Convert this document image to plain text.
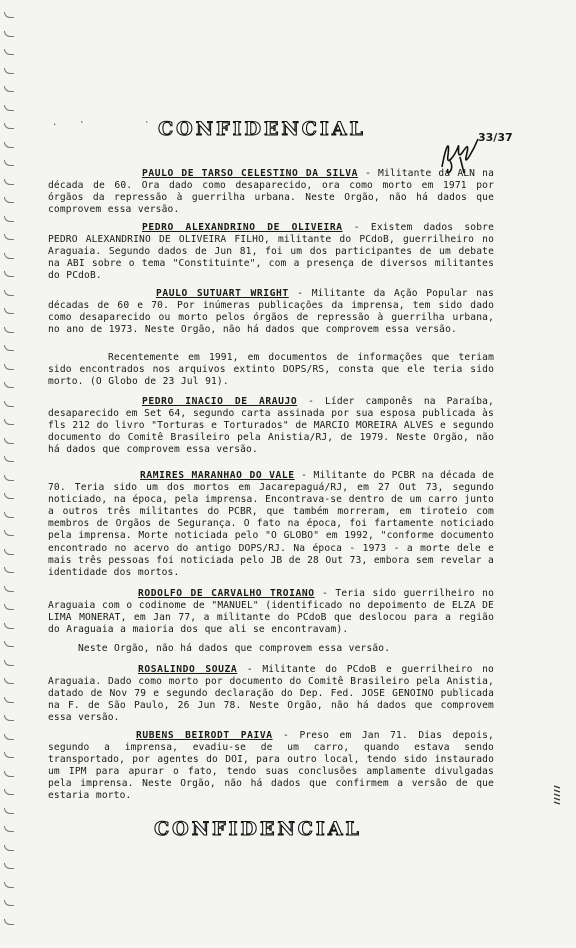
.    ·           · CONFIDENCIAL	33/37
PAULO DE TARSO CELESTINO DA SILVA - Militante da ALN na década de 60. Ora dado como desaparecido, ora como morto em 1971 por órgãos da repressão à guerrilha urbana. Neste Orgão, não há dados que comprovem essa versão.
PEDRO ALEXANDRINO DE OLIVEIRA - Existem dados sobre PEDRO ALEXANDRINO DE OLIVEIRA FILHO, militante do PCdoB, guerrilheiro no Araguaia. Segundo dados de Jun 81, foi um dos participantes de um debate na ABI sobre o tema "Constituinte", com a presença de diversos militantes do PCdoB.
PAULO SUTUART WRIGHT - Militante da Ação Popular nas décadas de 60 e 70. Por inúmeras publicações da imprensa, tem sido dado como desaparecido ou morto pelos órgãos de repressão à guerrilha urbana, no ano de 1973. Neste Orgão, não há dados que comprovem essa versão.
Recentemente em 1991, em documentos de informações que teriam sido encontrados nos arquivos extinto DOPS/RS, consta que ele teria sido morto. (O Globo de 23 Jul 91).
PEDRO INACIO DE ARAUJO - Líder camponês na Paraíba, desaparecido em Set 64, segundo carta assinada por sua esposa publicada às fls 212 do livro "Torturas e Torturados" de MARCIO MOREIRA ALVES e segundo documento do Comitê Brasileiro pela Anistia/RJ, de 1979. Neste Orgão, não há dados que comprovem essa versão.
RAMIRES MARANHAO DO VALE - Militante do PCBR na década de 70. Teria sido um dos mortos em Jacarepaguá/RJ, em 27 Out 73, segundo noticiado, na época, pela imprensa. Encontrava-se dentro de um carro junto a outros três militantes do PCBR, que também morreram, em tiroteio com membros de Orgãos de Segurança. O fato na época, foi fartamente noticiado pela imprensa. Morte noticiada pelo "O GLOBO" em 1992, "conforme documento encontrado no acervo do antigo DOPS/RJ. Na época - 1973 - a morte dele e mais três pessoas foi noticiada pelo JB de 28 Out 73, embora sem revelar a identidade dos mortos.
RODOLFO DE CARVALHO TROIANO - Teria sido guerrilheiro no Araguaia com o codinome de "MANUEL" (identificado no depoimento de ELZA DE LIMA MONERAT, em Jan 77, a militante do PCdoB que deslocou para a região do Araguaia a maioria dos que ali se encontravam).
Neste Orgão, não há dados que comprovem essa versão.
ROSALINDO SOUZA - Militante do PCdoB e guerrilheiro no Araguaia. Dado como morto por documento do Comitê Brasileiro pela Anistia, datado de Nov 79 e segundo declaração do Dep. Fed. JOSE GENOINO publicada na F. de São Paulo, 26 Jun 78. Neste Orgão, não há dados que comprovem essa versão.
RUBENS BEIRODT PAIVA - Preso em Jan 71. Dias depois, segundo a imprensa, evadiu-se de um carro, quando estava sendo transportado, por agentes do DOI, para outro local, tendo sido instaurado um IPM para apurar o fato, tendo suas conclusões amplamente divulgadas pela imprensa. Neste Orgão, não há dados que confirmem a versão de que estaria morto.
CONFIDENCIAL
